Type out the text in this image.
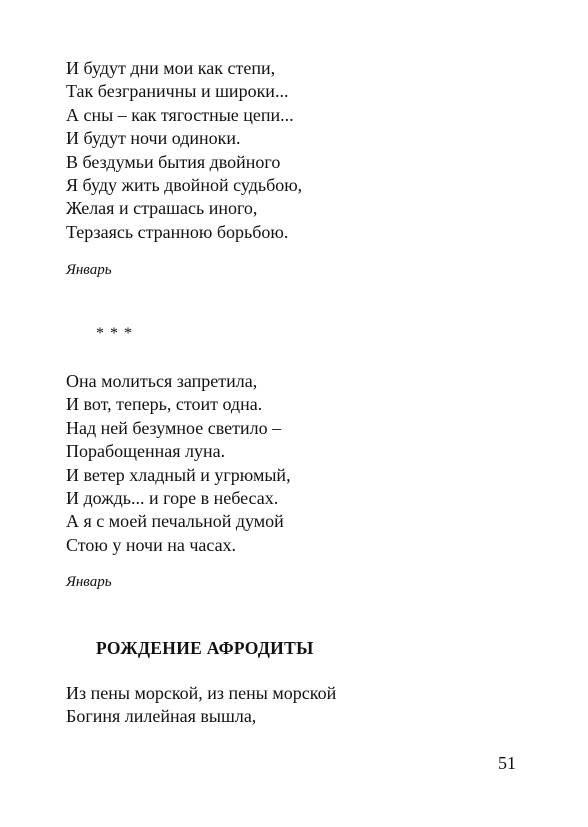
И будут дни мои как степи,
Так безграничны и широки...
А сны – как тягостные цепи...
И будут ночи одиноки.
В бездумьи бытия двойного
Я буду жить двойной судьбою,
Желая и страшась иного,
Терзаясь странною борьбою.
Январь
* * *
Она молиться запретила,
И вот, теперь, стоит одна.
Над ней безумное светило –
Порабощенная луна.
И ветер хладный и угрюмый,
И дождь... и горе в небесах.
А я с моей печальной думой
Стою у ночи на часах.
Январь
РОЖДЕНИЕ АФРОДИТЫ
Из пены морской, из пены морской
Богиня лилейная вышла,
51
